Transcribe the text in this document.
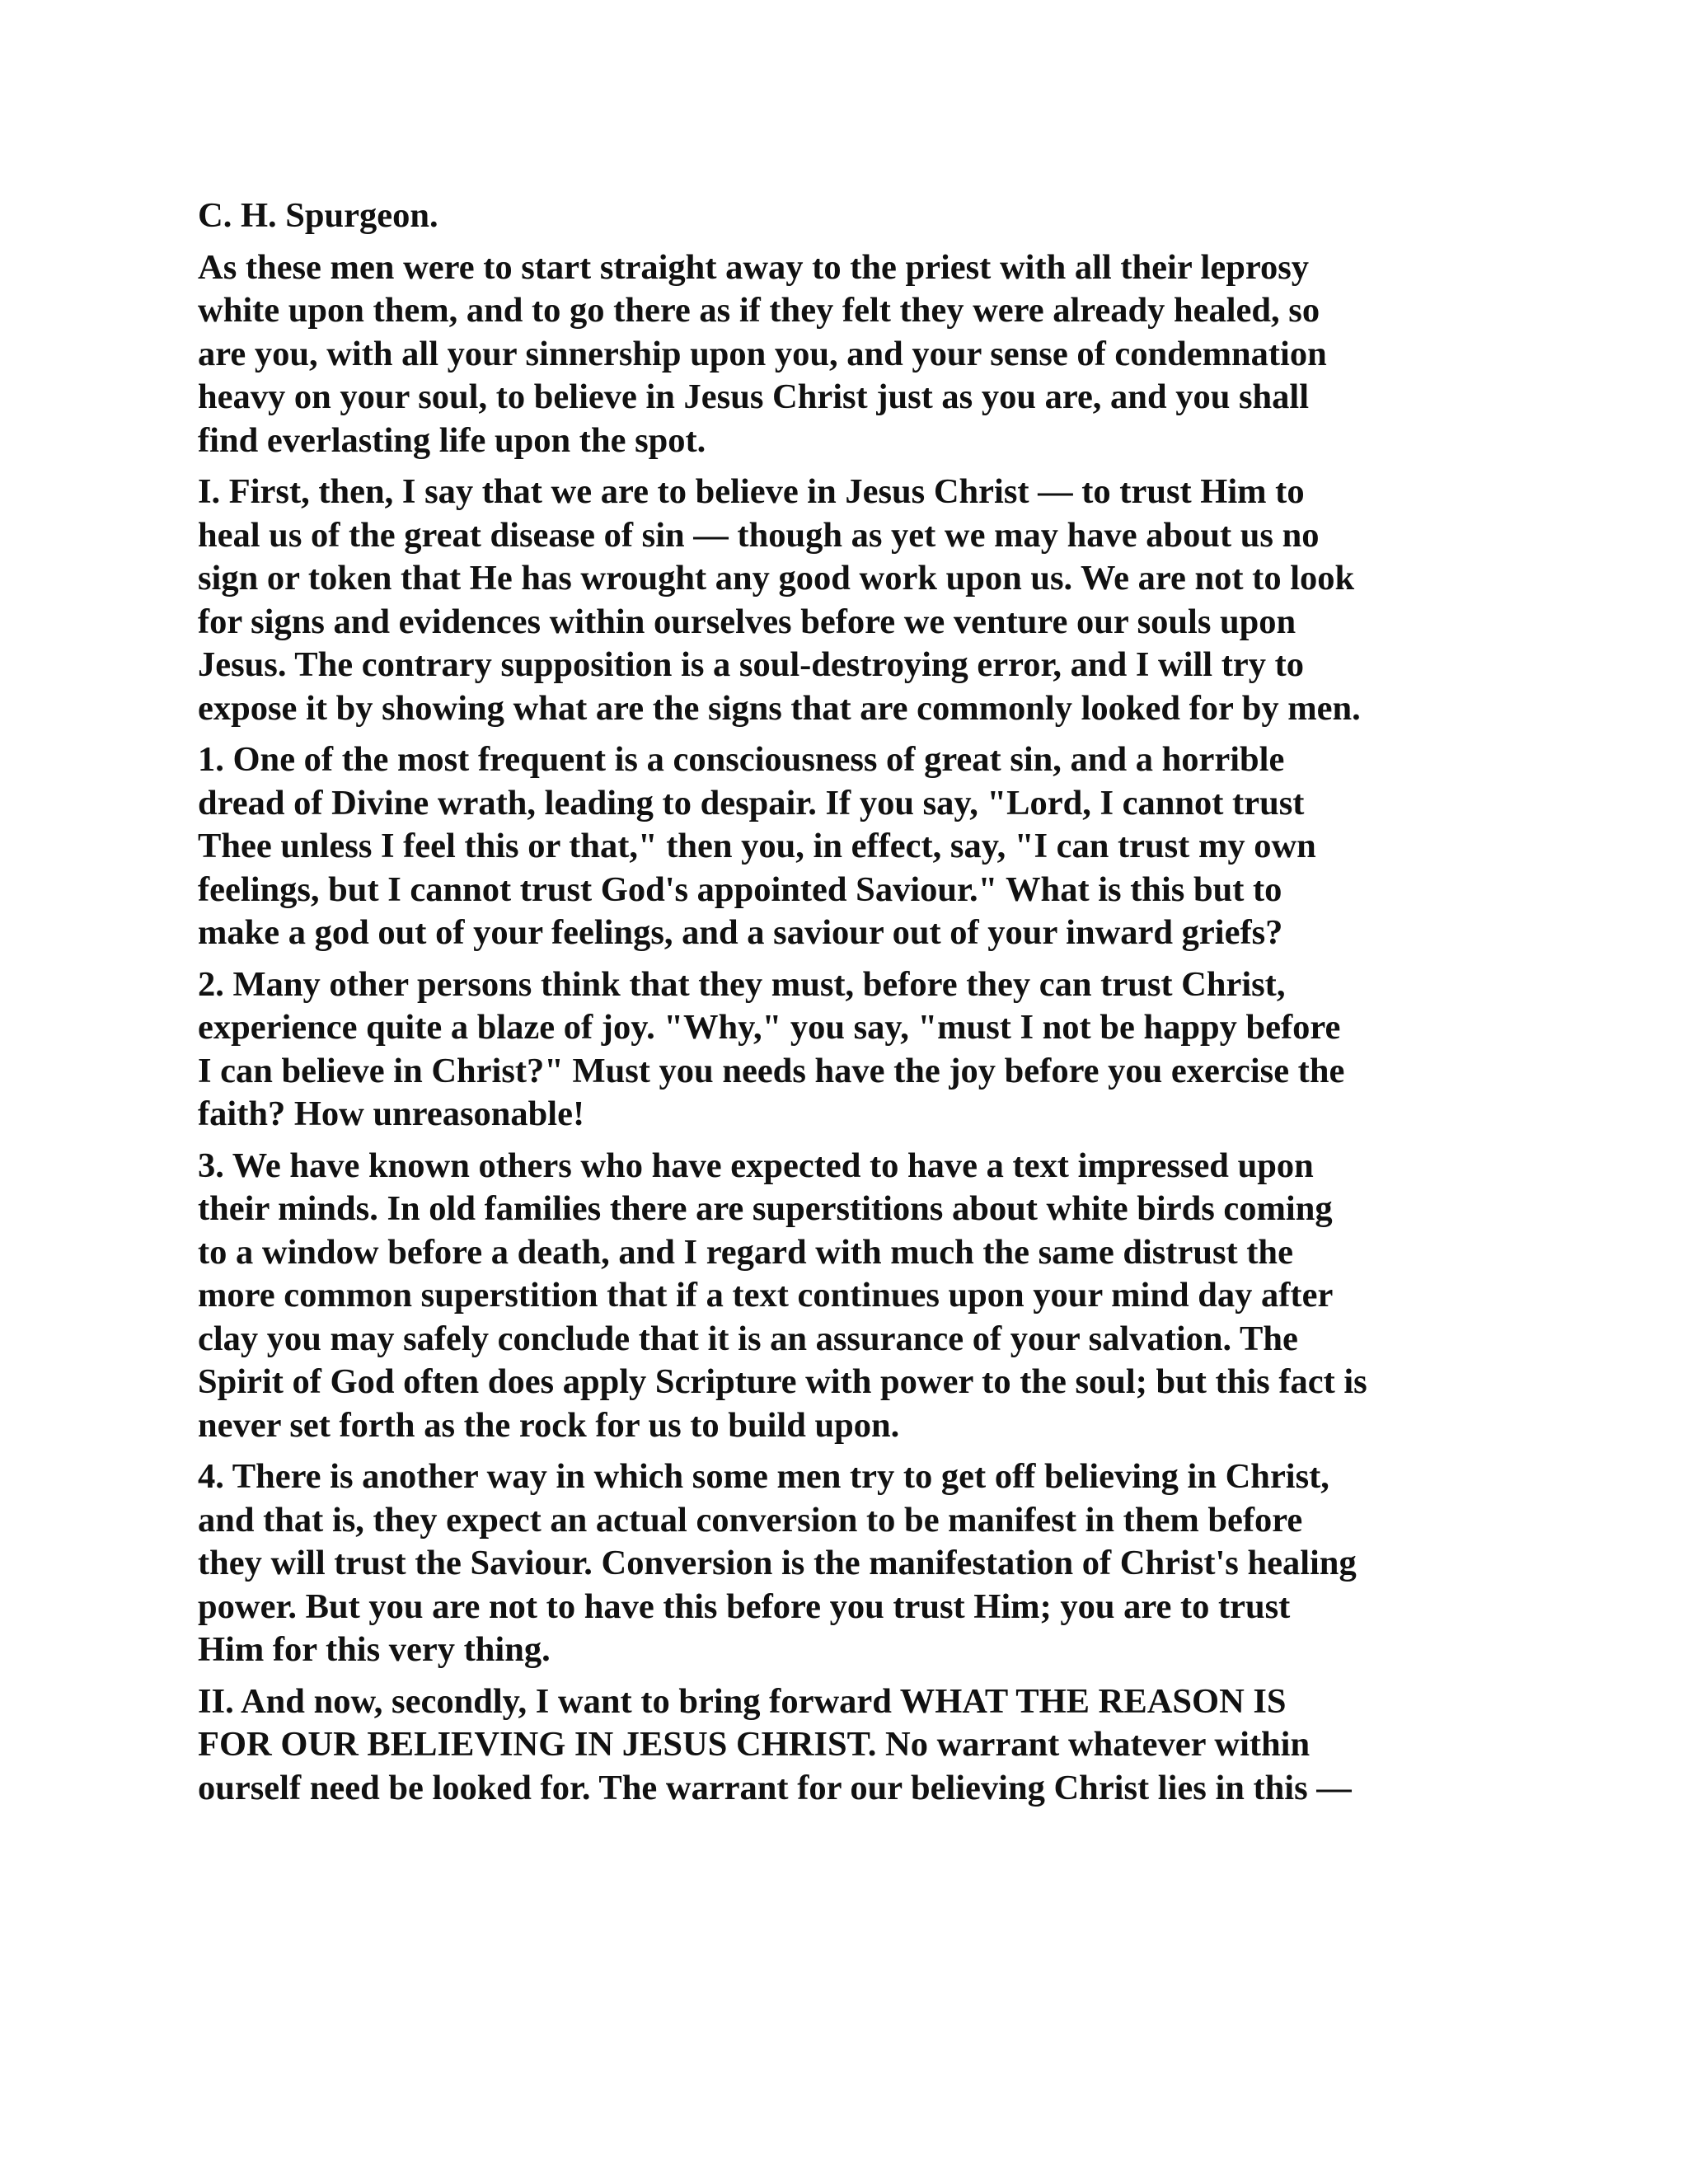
C. H. Spurgeon.

As these men were to start straight away to the priest with all their leprosy
white upon them, and to go there as if they felt they were already healed, so
are you, with all your sinnership upon you, and your sense of condemnation
heavy on your soul, to believe in Jesus Christ just as you are, and you shall
find everlasting life upon the spot.

I. First, then, I say that we are to believe in Jesus Christ — to trust Him to
heal us of the great disease of sin — though as yet we may have about us no
sign or token that He has wrought any good work upon us. We are not to look
for signs and evidences within ourselves before we venture our souls upon
Jesus. The contrary supposition is a soul-destroying error, and I will try to
expose it by showing what are the signs that are commonly looked for by men.

1. One of the most frequent is a consciousness of great sin, and a horrible
dread of Divine wrath, leading to despair. If you say, "Lord, I cannot trust
Thee unless I feel this or that," then you, in effect, say, "I can trust my own
feelings, but I cannot trust God's appointed Saviour." What is this but to
make a god out of your feelings, and a saviour out of your inward griefs?

2. Many other persons think that they must, before they can trust Christ,
experience quite a blaze of joy. "Why," you say, "must I not be happy before
I can believe in Christ?" Must you needs have the joy before you exercise the
faith? How unreasonable!

3. We have known others who have expected to have a text impressed upon
their minds. In old families there are superstitions about white birds coming
to a window before a death, and I regard with much the same distrust the
more common superstition that if a text continues upon your mind day after
clay you may safely conclude that it is an assurance of your salvation. The
Spirit of God often does apply Scripture with power to the soul; but this fact is
never set forth as the rock for us to build upon.

4. There is another way in which some men try to get off believing in Christ,
and that is, they expect an actual conversion to be manifest in them before
they will trust the Saviour. Conversion is the manifestation of Christ's healing
power. But you are not to have this before you trust Him; you are to trust
Him for this very thing.

II. And now, secondly, I want to bring forward WHAT THE REASON IS
FOR OUR BELIEVING IN JESUS CHRIST. No warrant whatever within
ourself need be looked for. The warrant for our believing Christ lies in this —
